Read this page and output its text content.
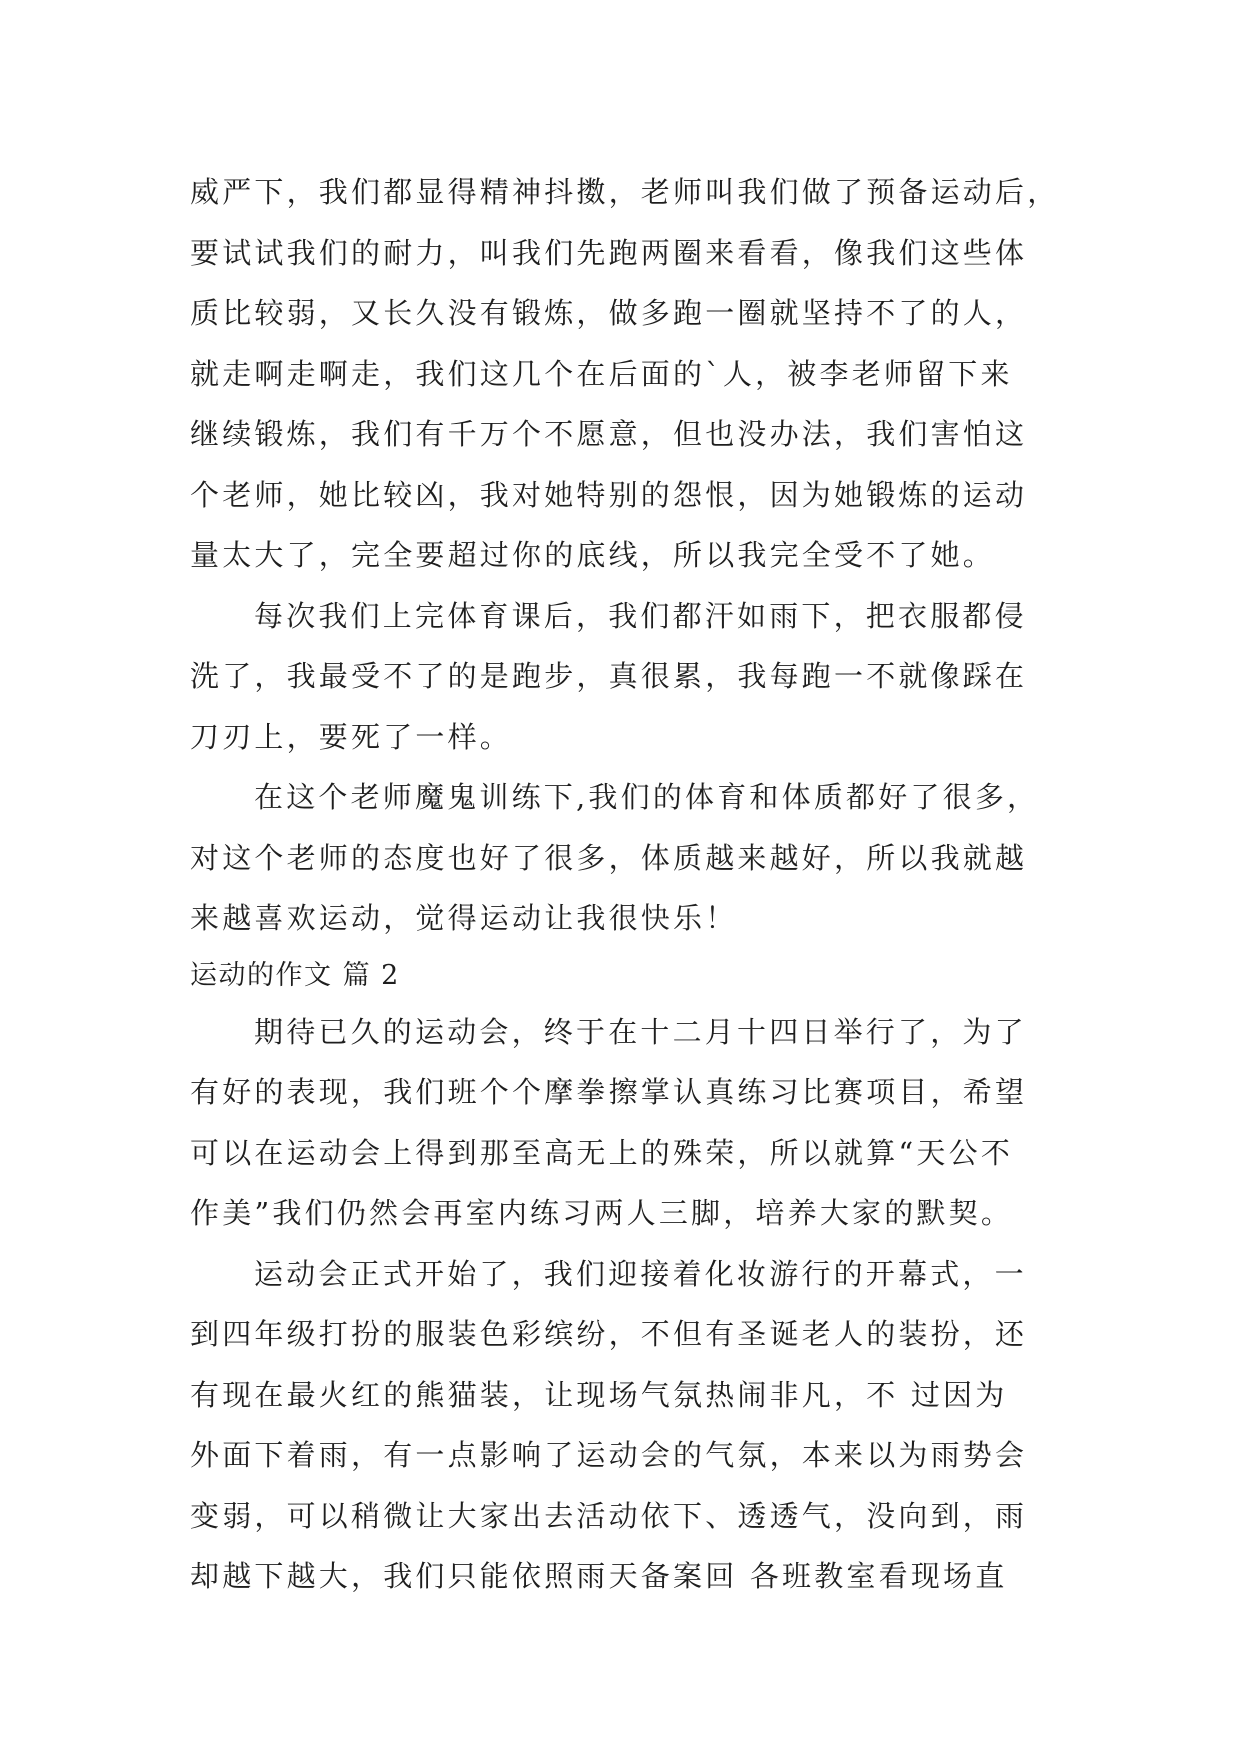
威严下，我们都显得精神抖擞，老师叫我们做了预备运动后，
要试试我们的耐力，叫我们先跑两圈来看看，像我们这些体
质比较弱，又长久没有锻炼，做多跑一圈就坚持不了的人，
就走啊走啊走，我们这几个在后面的`人，被李老师留下来
继续锻炼，我们有千万个不愿意，但也没办法，我们害怕这
个老师，她比较凶，我对她特别的怨恨，因为她锻炼的运动
量太大了，完全要超过你的底线，所以我完全受不了她。
每次我们上完体育课后，我们都汗如雨下，把衣服都侵
洗了，我最受不了的是跑步，真很累，我每跑一不就像踩在
刀刃上，要死了一样。
在这个老师魔鬼训练下,我们的体育和体质都好了很多，
对这个老师的态度也好了很多，体质越来越好，所以我就越
来越喜欢运动，觉得运动让我很快乐！
运动的作文 篇 2
期待已久的运动会，终于在十二月十四日举行了，为了
有好的表现，我们班个个摩拳擦掌认真练习比赛项目，希望
可以在运动会上得到那至高无上的殊荣，所以就算“天公不
作美”我们仍然会再室内练习两人三脚，培养大家的默契。
运动会正式开始了，我们迎接着化妆游行的开幕式，一
到四年级打扮的服装色彩缤纷，不但有圣诞老人的装扮，还
有现在最火红的熊猫装，让现场气氛热闹非凡，不 过因为
外面下着雨，有一点影响了运动会的气氛，本来以为雨势会
变弱，可以稍微让大家出去活动依下、透透气，没向到，雨
却越下越大，我们只能依照雨天备案回 各班教室看现场直
